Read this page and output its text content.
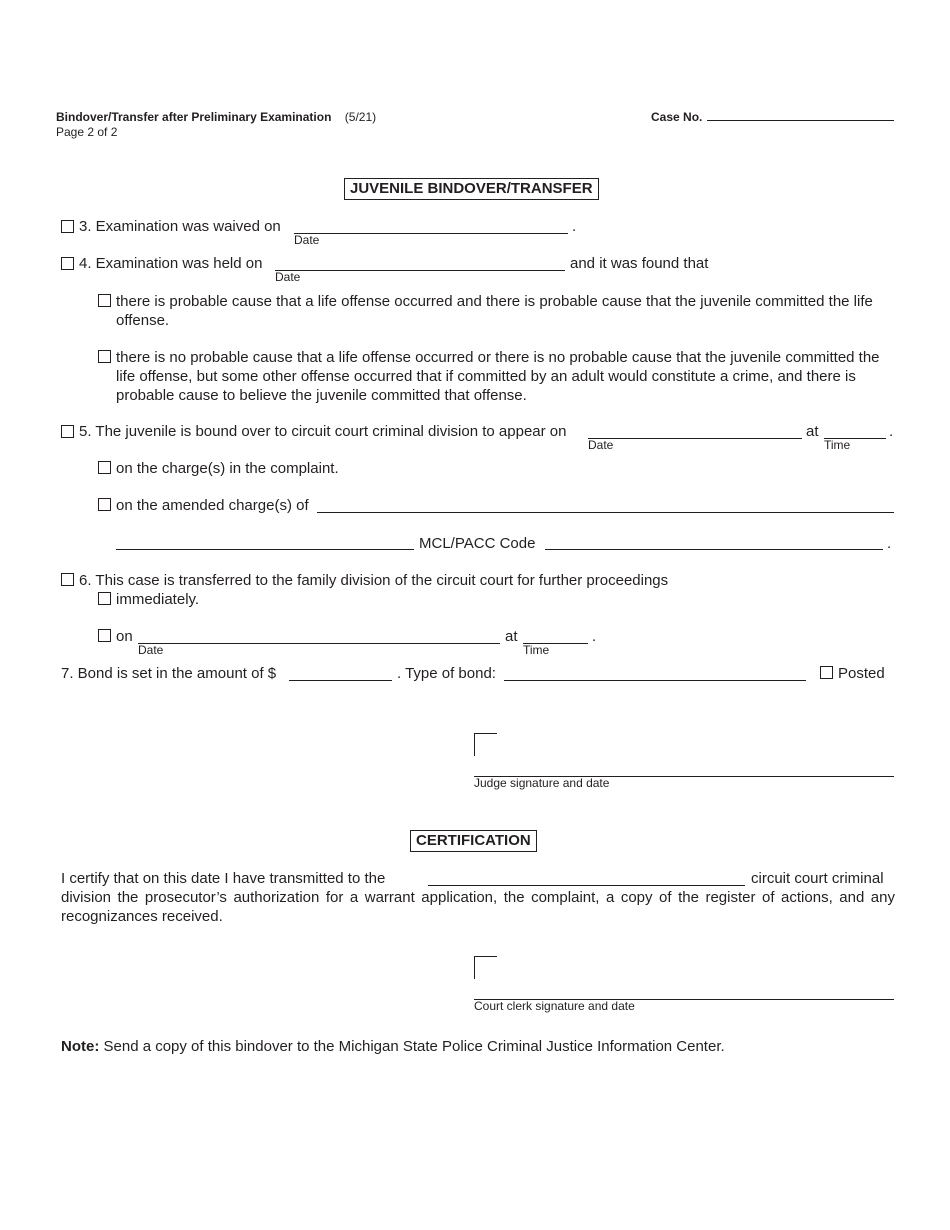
Bindover/Transfer after Preliminary Examination (5/21)
Page 2 of 2
Case No.
JUVENILE BINDOVER/TRANSFER
3. Examination was waived on
Date
.
4. Examination was held on
Date
and it was found that
there is probable cause that a life offense occurred and there is probable cause that the juvenile committed the life offense.
there is no probable cause that a life offense occurred or there is no probable cause that the juvenile committed the life offense, but some other offense occurred that if committed by an adult would constitute a crime, and there is probable cause to believe the juvenile committed that offense.
5. The juvenile is bound over to circuit court criminal division to appear on
Date
at
Time
.
on the charge(s) in the complaint.
on the amended charge(s) of
MCL/PACC Code	.
6. This case is transferred to the family division of the circuit court for further proceedings
immediately.
on
Date
at
Time
.
7. Bond is set in the amount of $	. Type of bond:	Posted
Judge signature and date
CERTIFICATION
I certify that on this date I have transmitted to the	circuit court criminal
division the prosecutor’s authorization for a warrant application, the complaint, a copy of the register of actions, and any recognizances received.
Court clerk signature and date
Note: Send a copy of this bindover to the Michigan State Police Criminal Justice Information Center.
